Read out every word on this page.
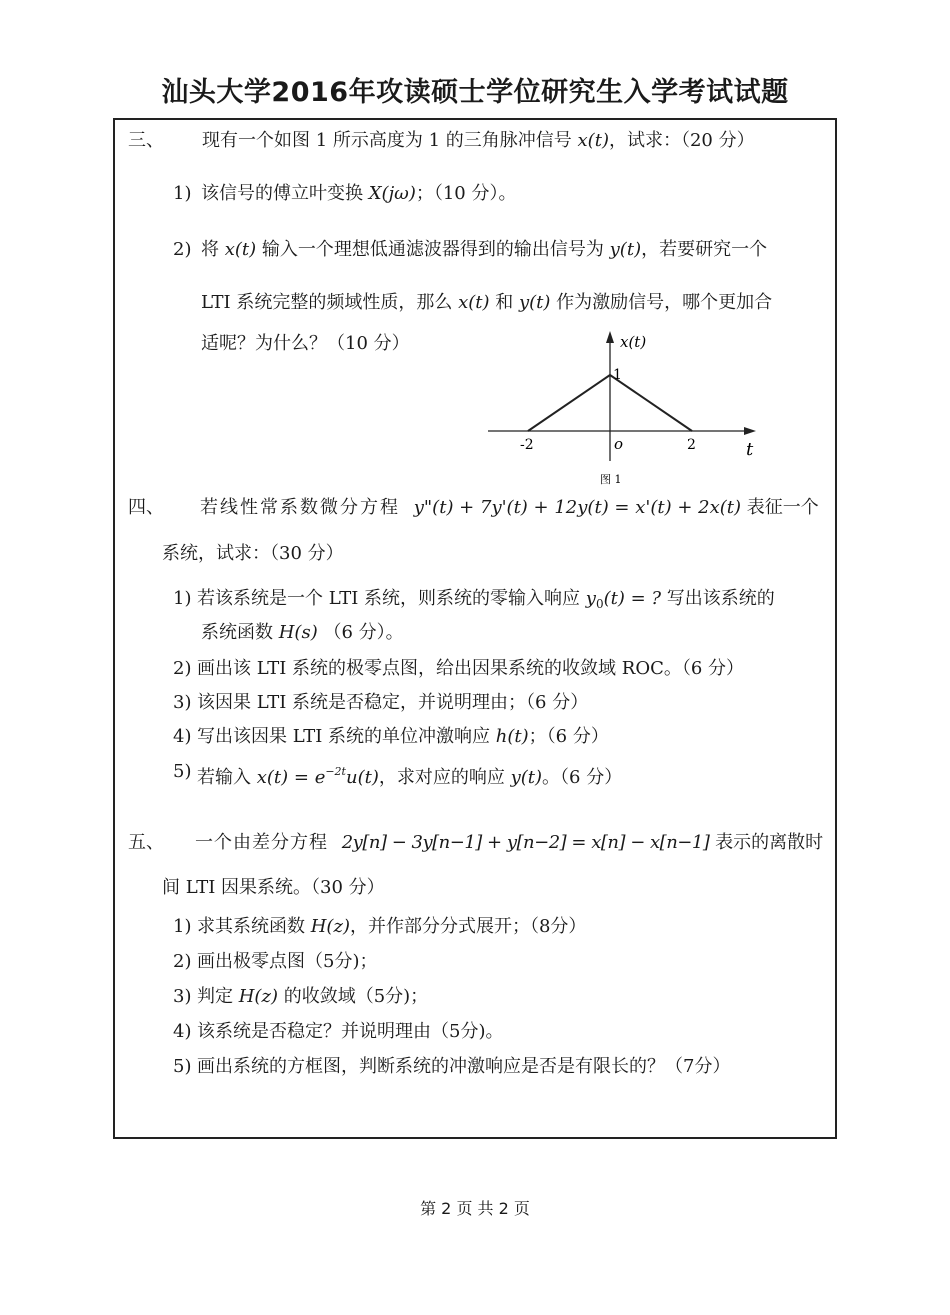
汕头大学2016年攻读硕士学位研究生入学考试试题
三、 现有一个如图 1 所示高度为 1 的三角脉冲信号 x(t)，试求：（20 分）
1) 该信号的傅立叶变换 X(jω)；（10 分）。
2) 将 x(t) 输入一个理想低通滤波器得到的输出信号为 y(t)，若要研究一个
LTI 系统完整的频域性质，那么 x(t) 和 y(t) 作为激励信号，哪个更加合
适呢？为什么？（10 分）	x(t)
1
-2	o	2	t
图 1
四、 若线性常系数微分方程 y"(t) + 7y'(t) + 12y(t) = x'(t) + 2x(t) 表征一个
系统，试求：（30 分）
1) 若该系统是一个 LTI 系统，则系统的零输入响应 $y_0(t)$ = ? 写出该系统的
系统函数 H(s) （6 分）。
2) 画出该 LTI 系统的极零点图，给出因果系统的收敛域 ROC。（6 分）
3) 该因果 LTI 系统是否稳定，并说明理由；（6 分）
4) 写出该因果 LTI 系统的单位冲激响应 h(t)；（6 分）
5) 若输入 $x(t) = e^{-2t}u(t)$，求对应的响应 y(t)。（6 分）
五、 一个由差分方程 2y[n] − 3y[n−1] + y[n−2] = x[n] − x[n−1] 表示的离散时
间 LTI 因果系统。（30 分）
1) 求其系统函数 H(z)，并作部分分式展开；（8分）
2) 画出极零点图（5分)；
3) 判定 H(z) 的收敛域（5分)；
4) 该系统是否稳定？并说明理由（5分)。
5) 画出系统的方框图，判断系统的冲激响应是否是有限长的？（7分）
第 2 页 共 2 页
